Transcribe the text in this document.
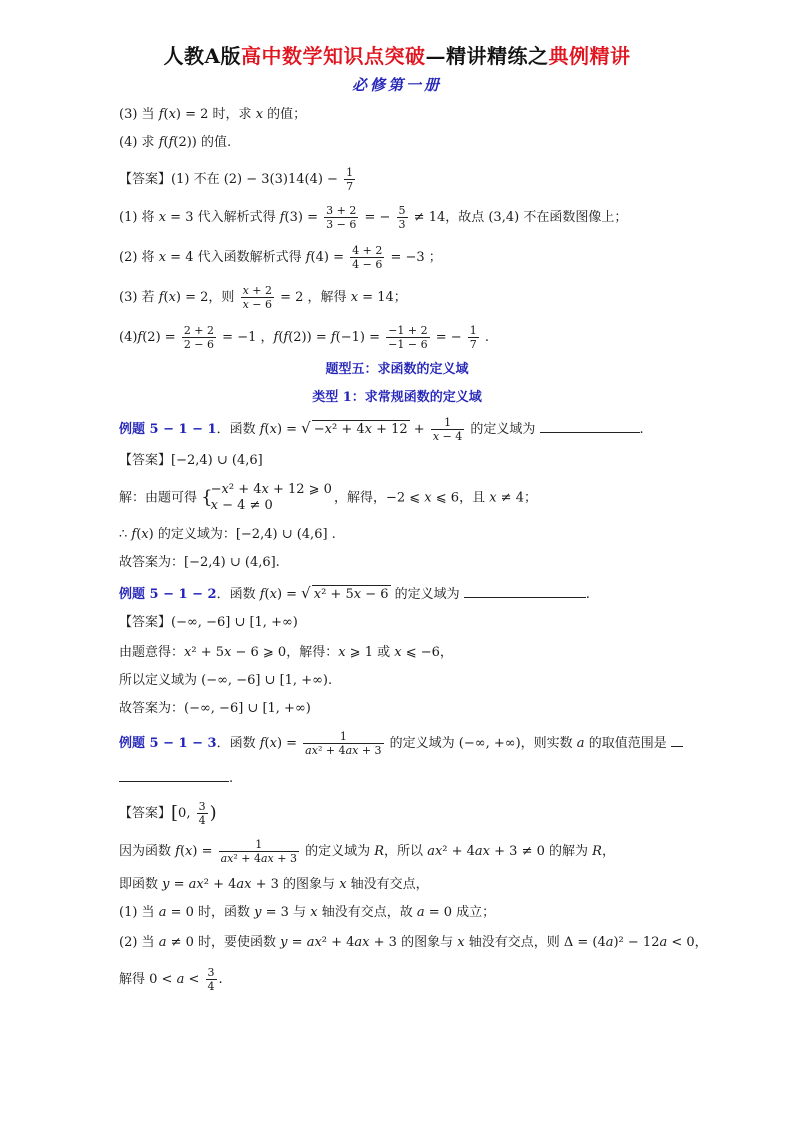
人教A版高中数学知识点突破—精讲精练之典例精讲
必修第一册
(3) 当 f(x) = 2 时，求 x 的值；
(4) 求 f(f(2)) 的值.
【答案】(1) 不在 $(2) - 3(3)14(4) - \frac{1}{7}$
(1) 将 x = 3 代入解析式得 $f(3) = \frac{3 + 2}{3 - 6}$ = − $\frac{5}{3} \ne 14$，故点 (3,4) 不在函数图像上；
(2) 将 x = 4 代入函数解析式得 $f(4) = \frac{4 + 2}{4 - 6} = -3$ ；
(3) 若 f(x) = 2，则 $\frac{x + 2}{x - 6} = 2$ ，解得 x = 14；
$(4)f(2) = \frac{2 + 2}{2 - 6} = -1$ ，$f(f(2)) = f(-1) = \frac{-1 + 2}{-1 - 6}$ = − $\frac{1}{7}$ .
题型五：求函数的定义域
类型 1：求常规函数的定义域
例题 5 − 1 − 1．函数 f(x) = √ $-x^2 + 4x + 12 + \frac{1}{x - 4}$ 的定义域为	.
【答案】[−2,4) ∪ (4,6]
解：由题可得 {−x² + 4x + 12 ⩾ 0
x − 4 ≠ 0	，解得，−2 ⩽ x ⩽ 6，且 x ≠ 4；
∴ f(x) 的定义域为：[−2,4) ∪ (4,6] .
故答案为：[−2,4) ∪ (4,6].
例题 5 − 1 − 2．函数 f(x) = √ x² + 5x − 6 的定义域为	.
【答案】(−∞, −6] ∪ [1, +∞)
由题意得：x² + 5x − 6 ⩾ 0，解得：x ⩾ 1 或 x ⩽ −6，
所以定义域为 (−∞, −6] ∪ [1, +∞).
故答案为：(−∞, −6] ∪ [1, +∞)
例题 5 − 1 − 3．函数 $f(x) = \frac{1}{\text{ax² + 4ax + 3}}$ 的定义域为 (−∞, +∞)，则实数 a 的取值范围是
.
【答案】[0, $\frac{3}{4}$ )
因为函数 $f(x) = \frac{1}{\text{ax² + 4ax + 3}}$ 的定义域为 R，所以 ax² + 4ax + 3 ≠ 0 的解为 R，
即函数 y = ax² + 4ax + 3 的图象与 x 轴没有交点，
(1) 当 a = 0 时，函数 y = 3 与 x 轴没有交点，故 a = 0 成立；
(2) 当 a ≠ 0 时，要使函数 y = ax² + 4ax + 3 的图象与 x 轴没有交点，则 Δ = (4a)² − 12a < 0，
解得 $0 < a < \frac{3}{4}$ .
